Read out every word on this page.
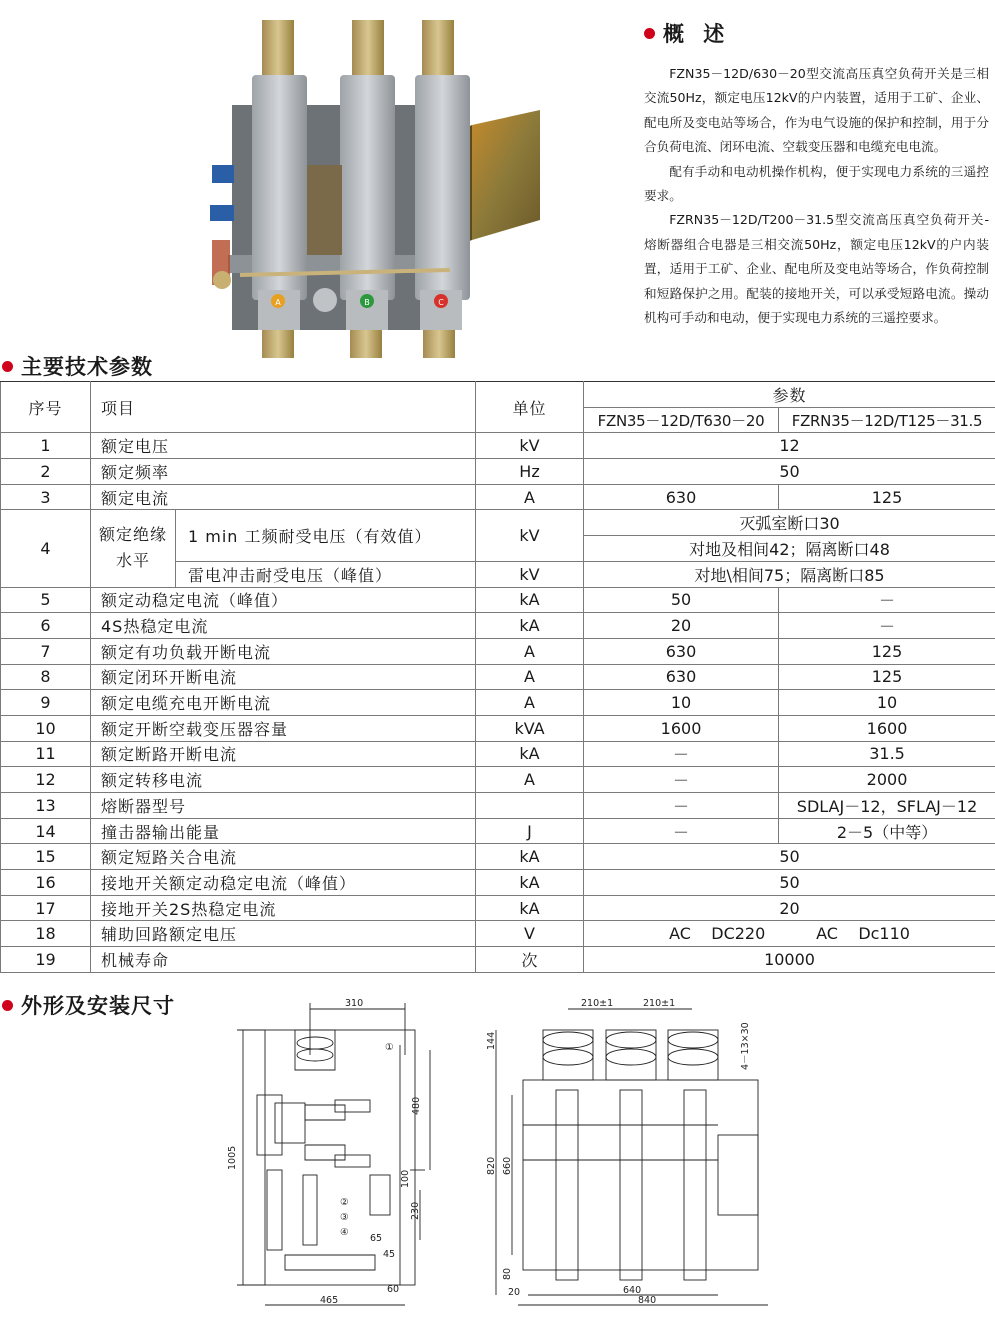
A	B	C
概 述

FZN35－12D/630－20型交流高压真空负荷开关是三相交流50Hz，额定电压12kV的户内装置，适用于工矿、企业、配电所及变电站等场合，作为电气设施的保护和控制，用于分合负荷电流、闭环电流、空载变压器和电缆充电电流。

配有手动和电动机操作机构，便于实现电力系统的三遥控要求。

FZRN35－12D/T200－31.5型交流高压真空负荷开关-熔断器组合电器是三相交流50Hz，额定电压12kV的户内装置，适用于工矿、企业、配电所及变电站等场合，作负荷控制和短路保护之用。配装的接地开关，可以承受短路电流。操动机构可手动和电动，便于实现电力系统的三遥控要求。

主要技术参数
序号	项目		单位	参数	
				FZN35－12D/T630－20	FZRN35－12D/T125－31.5
1	额定电压		kV	12	
2	额定频率		Hz	50	
3	额定电流		A	630	125
4	额定绝缘水平	1 min 工频耐受电压（有效值）	kV	灭弧室断口30	
				对地及相间42；隔离断口48	
		雷电冲击耐受电压（峰值）	kV	对地\相间75；隔离断口85	
5	额定动稳定电流（峰值）		kA	50	－
6	4S热稳定电流		kA	20	－
7	额定有功负载开断电流		A	630	125
8	额定闭环开断电流		A	630	125
9	额定电缆充电开断电流		A	10	10
10	额定开断空载变压器容量		kVA	1600	1600
11	额定断路开断电流		kA	－	31.5
12	额定转移电流		A	－	2000
13	熔断器型号			－	SDLAJ－12，SFLAJ－12
14	撞击器输出能量		J	－	2－5（中等）
15	额定短路关合电流		kA	50	
16	接地开关额定动稳定电流（峰值）		kA	50	
17	接地开关2S热稳定电流		kA	20	
18	辅助回路额定电压		V	AC    DC220          AC    Dc110	
19	机械寿命		次	10000	
外形及安装尺寸	310
1005
480
100
230
65
45
60
①
②
③
④
465
210±1	210±1
4－13×30
144
820 660
80
20	640
840
